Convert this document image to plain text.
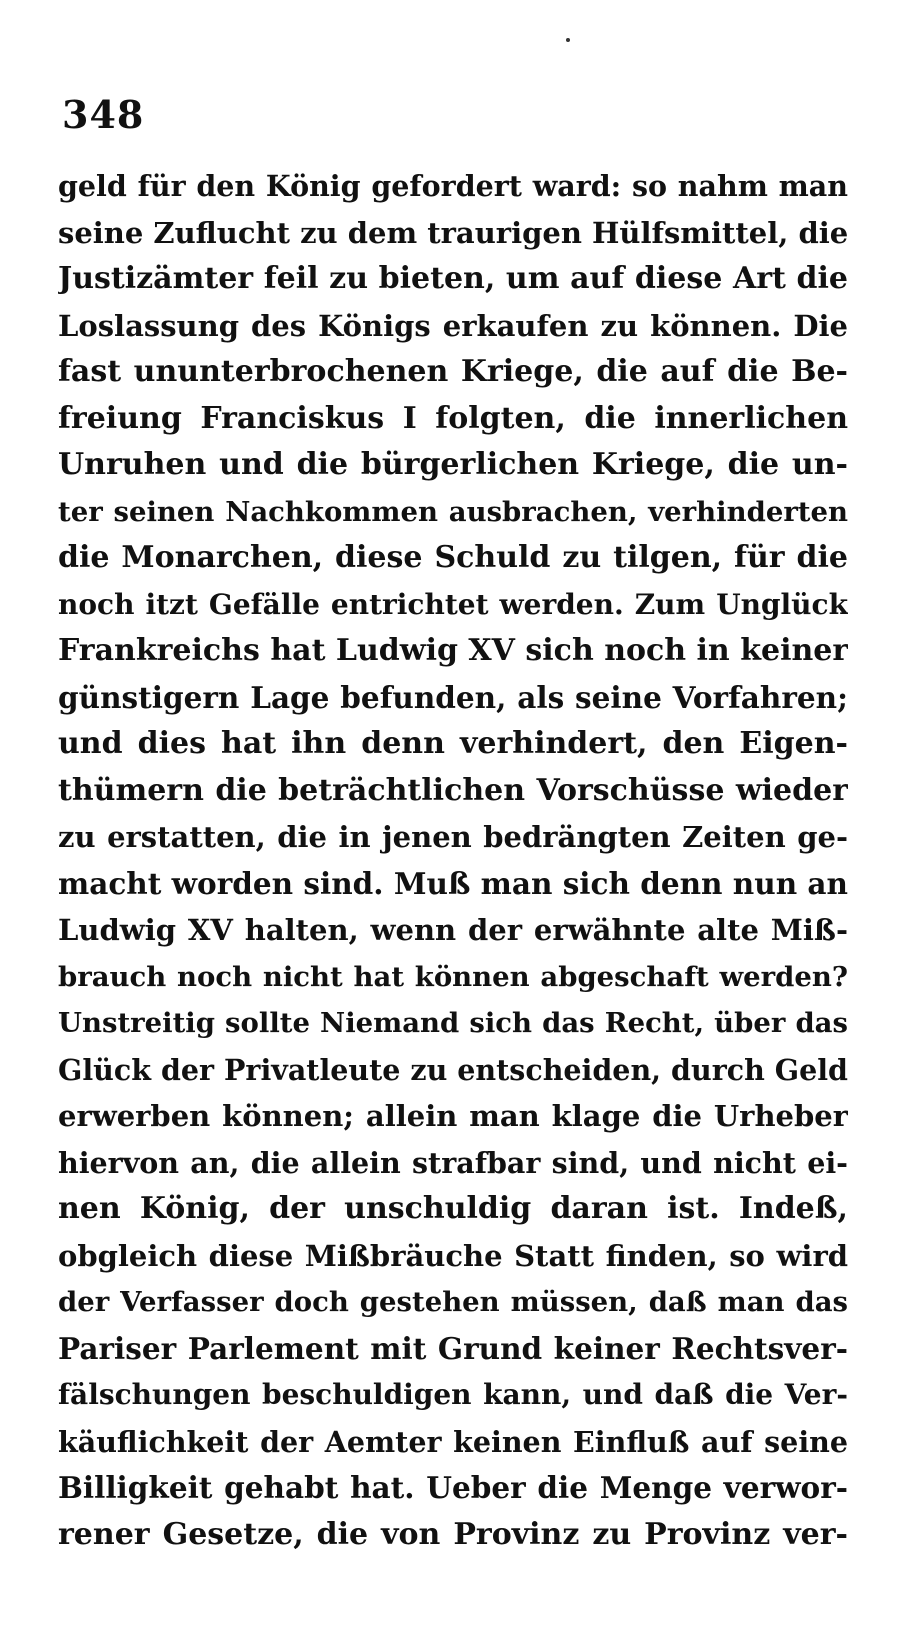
348
geld für den König gefordert ward: so nahm man
seine Zuflucht zu dem traurigen Hülfsmittel, die
Justizämter feil zu bieten, um auf diese Art die
Loslassung des Königs erkaufen zu können. Die
fast ununterbrochenen Kriege, die auf die Be-
freiung Franciskus I folgten, die innerlichen
Unruhen und die bürgerlichen Kriege, die un-
ter seinen Nachkommen ausbrachen, verhinderten
die Monarchen, diese Schuld zu tilgen, für die
noch itzt Gefälle entrichtet werden. Zum Unglück
Frankreichs hat Ludwig XV sich noch in keiner
günstigern Lage befunden, als seine Vorfahren;
und dies hat ihn denn verhindert, den Eigen-
thümern die beträchtlichen Vorschüsse wieder
zu erstatten, die in jenen bedrängten Zeiten ge-
macht worden sind. Muß man sich denn nun an
Ludwig XV halten, wenn der erwähnte alte Miß-
brauch noch nicht hat können abgeschaft werden?
Unstreitig sollte Niemand sich das Recht, über das
Glück der Privatleute zu entscheiden, durch Geld
erwerben können; allein man klage die Urheber
hiervon an, die allein strafbar sind, und nicht ei-
nen König, der unschuldig daran ist. Indeß,
obgleich diese Mißbräuche Statt finden, so wird
der Verfasser doch gestehen müssen, daß man das
Pariser Parlement mit Grund keiner Rechtsver-
fälschungen beschuldigen kann, und daß die Ver-
käuflichkeit der Aemter keinen Einfluß auf seine
Billigkeit gehabt hat. Ueber die Menge verwor-
rener Gesetze, die von Provinz zu Provinz ver-
